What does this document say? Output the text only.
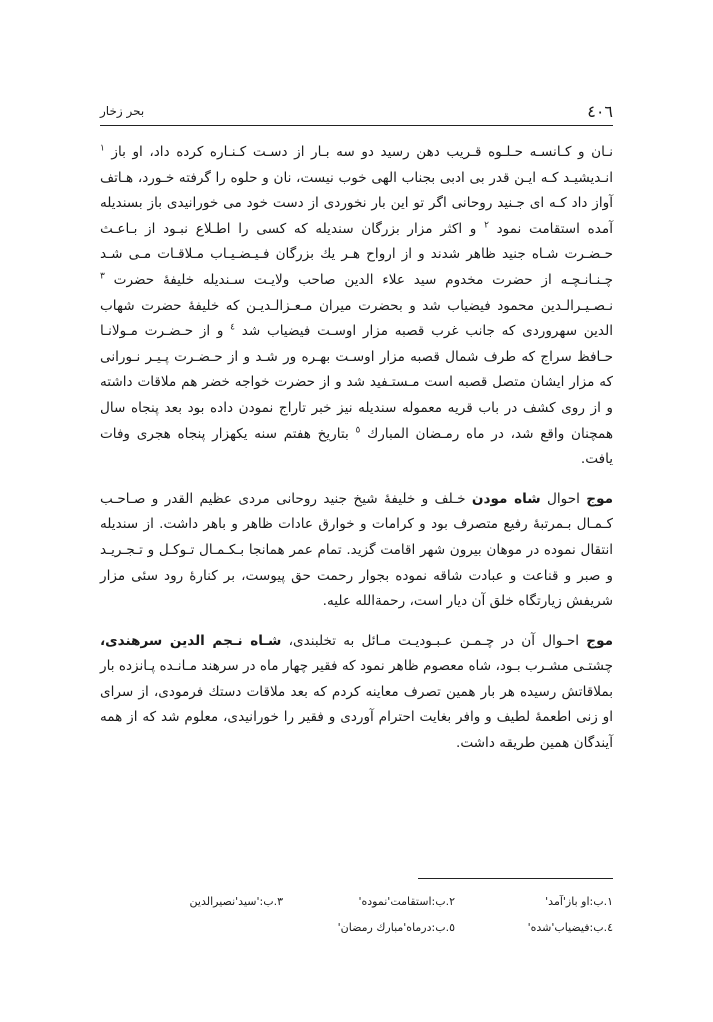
٤٠٦
بحر زخار

نـان و كـانسـه حـلـوه قـريب دهن رسيد دو سه بـار از دسـت كـنـاره كرده داد، او باز $^١$ انـديشيـد كـه ايـن قدر بی ادبی بجناب الهی خوب نيست، نان و حلوه را گرفته خـورد، هـاتف آواز داد كـه ای جـنيد روحانی اگر تو اين بار نخوردی از دست خود می خورانيدی باز بسنديله آمده استقامت نمود $^٢$ و اكثر مزار بزرگان سنديله كه كسی را اطـلاع نبـود از بـاعـث حـضـرت شـاه جنيد ظاهر شدند و از ارواح هـر يك بزرگان فـيـضـيـاب مـلاقـات مـی شـد چـنـانـچـه از حضرت مخدوم سيد علاء الدين صاحب ولايـت سـنديله خليفهٔ حضرت $^٣$ نـصـيـرالـدين محمود فيضياب شد و بحضرت ميران مـعـزالـديـن كه خليفهٔ حضرت شهاب الدين سهروردی كه جانب غرب قصبه مزار اوسـت فيضياب شد $^٤$ و از حـضـرت مـولانـا حـافظ سراج كه طرف شمال قصبه مزار اوسـت بهـره ور شـد و از حـضـرت پـيـر نـورانی كه مزار ايشان متصل قصبه است مـستـفيد شد و از حضرت خواجه خضر هم ملاقات داشته و از روی كشف در باب قريه معموله سنديله نيز خبر تاراج نمودن داده بود بعد پنجاه سال همچنان واقع شد، در ماه رمـضان المبارك $^٥$ بتاريخ هفتم سنه يكهزار پنجاه هجری وفات يافت.

موج احوال شاه مودن خـلف و خليفهٔ شيخ جنيد روحانی مردی عظيم القدر و صـاحـب كـمـال بـمرتبهٔ رفيع متصرف بود و كرامات و خوارق عادات ظاهر و باهر داشت. از سنديله انتقال نموده در موهان بيرون شهر اقامت گزيد. تمام عمر همانجا بـكـمـال تـوكـل و تـجـريـد و صبر و قناعت و عبادت شاقه نموده بجوار رحمت حق پيوست، بر كنارهٔ رود سئی مزار شريفش زيارتگاه خلق آن ديار است، رحمةالله عليه.

موج احـوال آن در چـمـن عـبـوديـت مـائل به تخلبندی، شـاه نـجم الدين سرهندی، چشتـی مشـرب بـود، شاه معصوم ظاهر نمود كه فقير چهار ماه در سرهند مـانـده پـانزده بار بملاقاتش رسيده هر بار همين تصرف معاينه كردم كه بعد ملاقات دستك فرمودی، از سرای او زنی اطعمهٔ لطيف و وافر بغايت احترام آوردی و فقير را خورانيدی، معلوم شد كه از همه آيندگان همين طريقه داشت.

١.ب:او باز'آمد'
٢.ب:استقامت'نموده'
٣.ب:'سيد'نصيرالدين
٤.ب:فيضياب'شده'
٥.ب:درماه'مبارك رمضان'
